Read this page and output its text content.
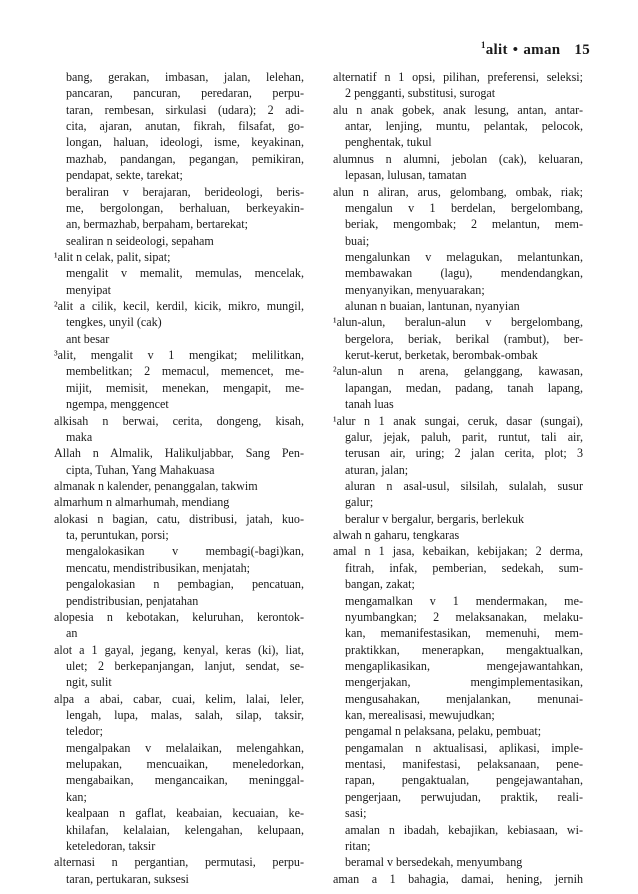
$^1$alit • aman 15
bang, gerakan, imbasan, jalan, lelehan,
pancaran, pancuran, peredaran, perpu-
taran, rembesan, sirkulasi (udara); 2 adi-
cita, ajaran, anutan, fikrah, filsafat, go-
longan, haluan, ideologi, isme, keyakinan,
mazhab, pandangan, pegangan, pemikiran,
pendapat, sekte, tarekat;
beraliran v berajaran, berideologi, beris-
me, bergolongan, berhaluan, berkeyakin-
an, bermazhab, berpaham, bertarekat;
sealiran n seideologi, sepaham
¹alit n celak, palit, sipat;
mengalit v memalit, memulas, mencelak,
menyipat
²alit a cilik, kecil, kerdil, kicik, mikro, mungil,
tengkes, unyil (cak)
ant besar
³alit, mengalit v 1 mengikat; melilitkan,
membelitkan; 2 memacul, memencet, me-
mijit, memisit, menekan, mengapit, me-
ngempa, menggencet
alkisah n berwai, cerita, dongeng, kisah,
maka
Allah n Almalik, Halikuljabbar, Sang Pen-
cipta, Tuhan, Yang Mahakuasa
almanak n kalender, penanggalan, takwim
almarhum n almarhumah, mendiang
alokasi n bagian, catu, distribusi, jatah, kuo-
ta, peruntukan, porsi;
mengalokasikan v membagi(-bagi)kan,
mencatu, mendistribusikan, menjatah;
pengalokasian n pembagian, pencatuan,
pendistribusian, penjatahan
alopesia n kebotakan, keluruhan, kerontok-
an
alot a 1 gayal, jegang, kenyal, keras (ki), liat,
ulet; 2 berkepanjangan, lanjut, sendat, se-
ngit, sulit
alpa a abai, cabar, cuai, kelim, lalai, leler,
lengah, lupa, malas, salah, silap, taksir,
teledor;
mengalpakan v melalaikan, melengahkan,
melupakan, mencuaikan, meneledorkan,
mengabaikan, mengancaikan, meninggal-
kan;
kealpaan n gaflat, keabaian, kecuaian, ke-
khilafan, kelalaian, kelengahan, kelupaan,
keteledoran, taksir
alternasi n pergantian, permutasi, perpu-
taran, pertukaran, suksesi
alternatif n 1 opsi, pilihan, preferensi, seleksi;
2 pengganti, substitusi, surogat
alu n anak gobek, anak lesung, antan, antar-
antar, lenjing, muntu, pelantak, pelocok,
penghentak, tukul
alumnus n alumni, jebolan (cak), keluaran,
lepasan, lulusan, tamatan
alun n aliran, arus, gelombang, ombak, riak;
mengalun v 1 berdelan, bergelombang,
beriak, mengombak; 2 melantun, mem-
buai;
mengalunkan v melagukan, melantunkan,
membawakan (lagu), mendendangkan,
menyanyikan, menyuarakan;
alunan n buaian, lantunan, nyanyian
¹alun-alun, beralun-alun v bergelombang,
bergelora, beriak, berikal (rambut), ber-
kerut-kerut, berketak, berombak-ombak
²alun-alun n arena, gelanggang, kawasan,
lapangan, medan, padang, tanah lapang,
tanah luas
¹alur n 1 anak sungai, ceruk, dasar (sungai),
galur, jejak, paluh, parit, runtut, tali air,
terusan air, uring; 2 jalan cerita, plot; 3
aturan, jalan;
aluran n asal-usul, silsilah, sulalah, susur
galur;
beralur v bergalur, bergaris, berlekuk
alwah n gaharu, tengkaras
amal n 1 jasa, kebaikan, kebijakan; 2 derma,
fitrah, infak, pemberian, sedekah, sum-
bangan, zakat;
mengamalkan v 1 mendermakan, me-
nyumbangkan; 2 melaksanakan, melaku-
kan, memanifestasikan, memenuhi, mem-
praktikkan, menerapkan, mengaktualkan,
mengaplikasikan, mengejawantahkan,
mengerjakan, mengimplementasikan,
mengusahakan, menjalankan, menunai-
kan, merealisasi, mewujudkan;
pengamal n pelaksana, pelaku, pembuat;
pengamalan n aktualisasi, aplikasi, imple-
mentasi, manifestasi, pelaksanaan, pene-
rapan, pengaktualan, pengejawantahan,
pengerjaan, perwujudan, praktik, reali-
sasi;
amalan n ibadah, kebajikan, kebiasaan, wi-
ritan;
beramal v bersedekah, menyumbang
aman a 1 bahagia, damai, hening, jernih
